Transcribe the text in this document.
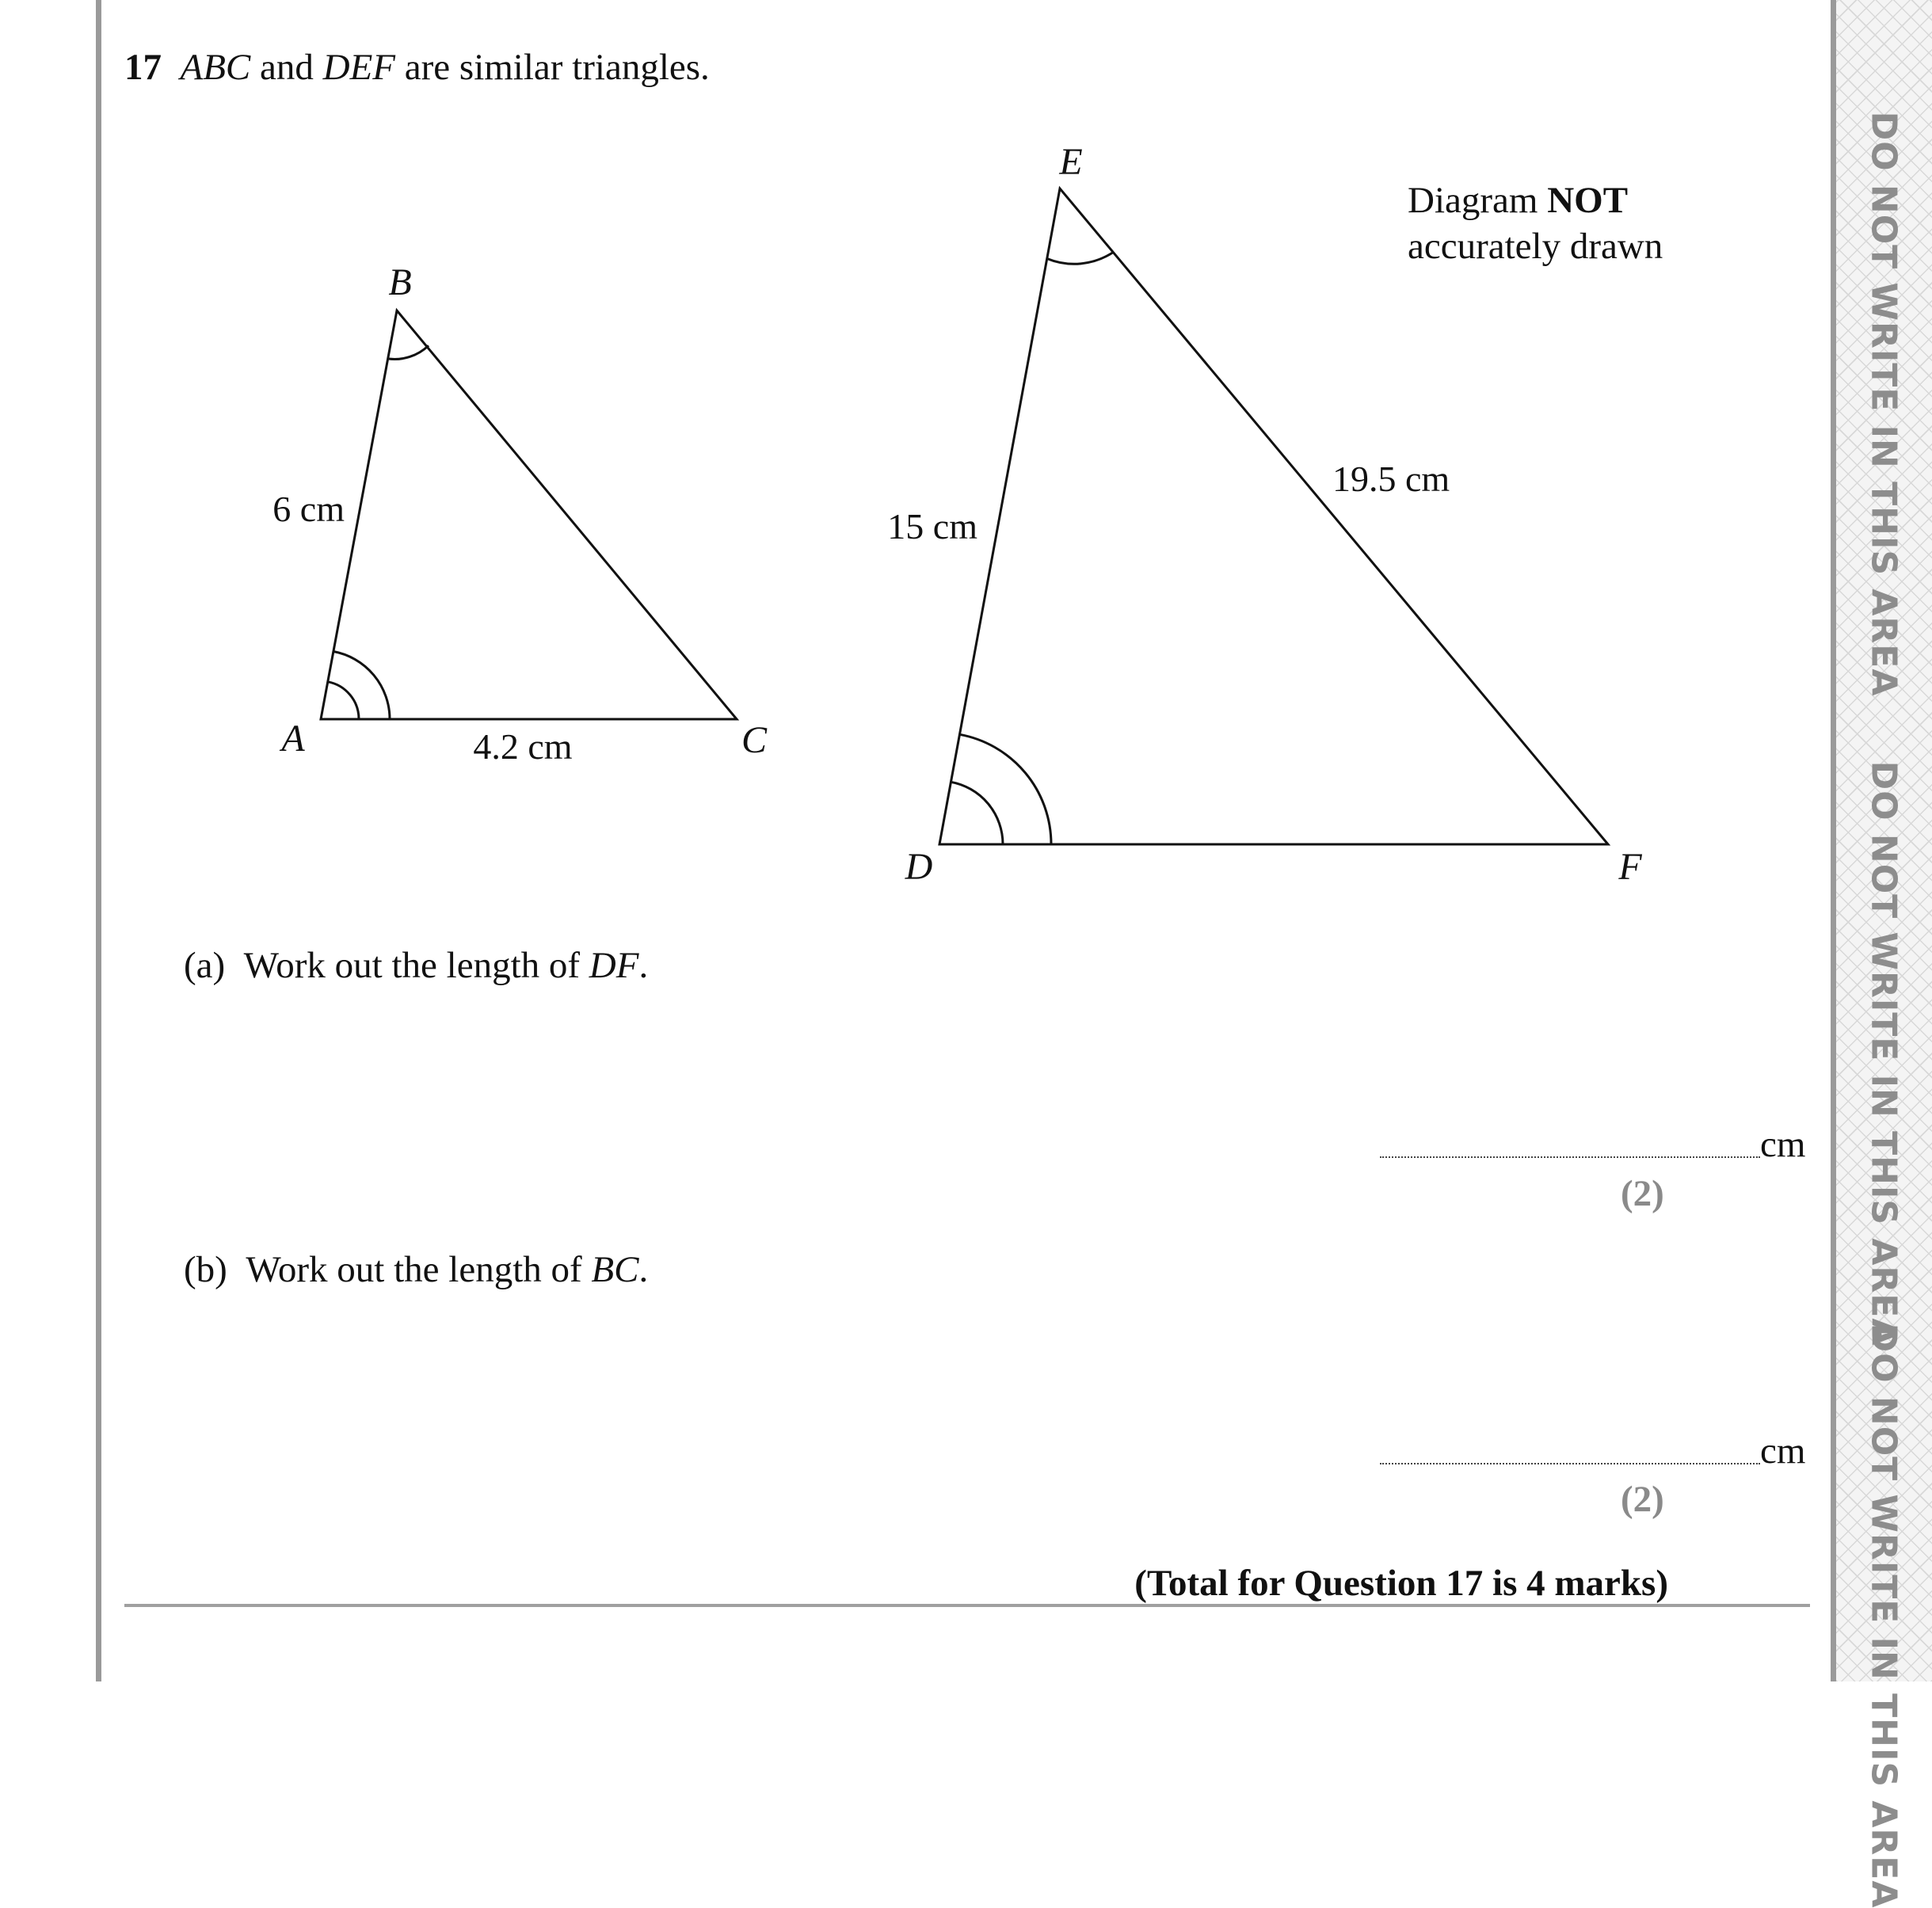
DO NOT WRITE IN THIS AREA
DO NOT WRITE IN THIS AREA
DO NOT WRITE IN THIS AREA
17 ABC and DEF are similar triangles.
B
A	C
E
D	F
6 cm
4.2 cm
15 cm
19.5 cm
Diagram NOT
accurately drawn
(a) Work out the length of DF.
cm
(2)
(b) Work out the length of BC.
cm
(2)
(Total for Question 17 is 4 marks)
